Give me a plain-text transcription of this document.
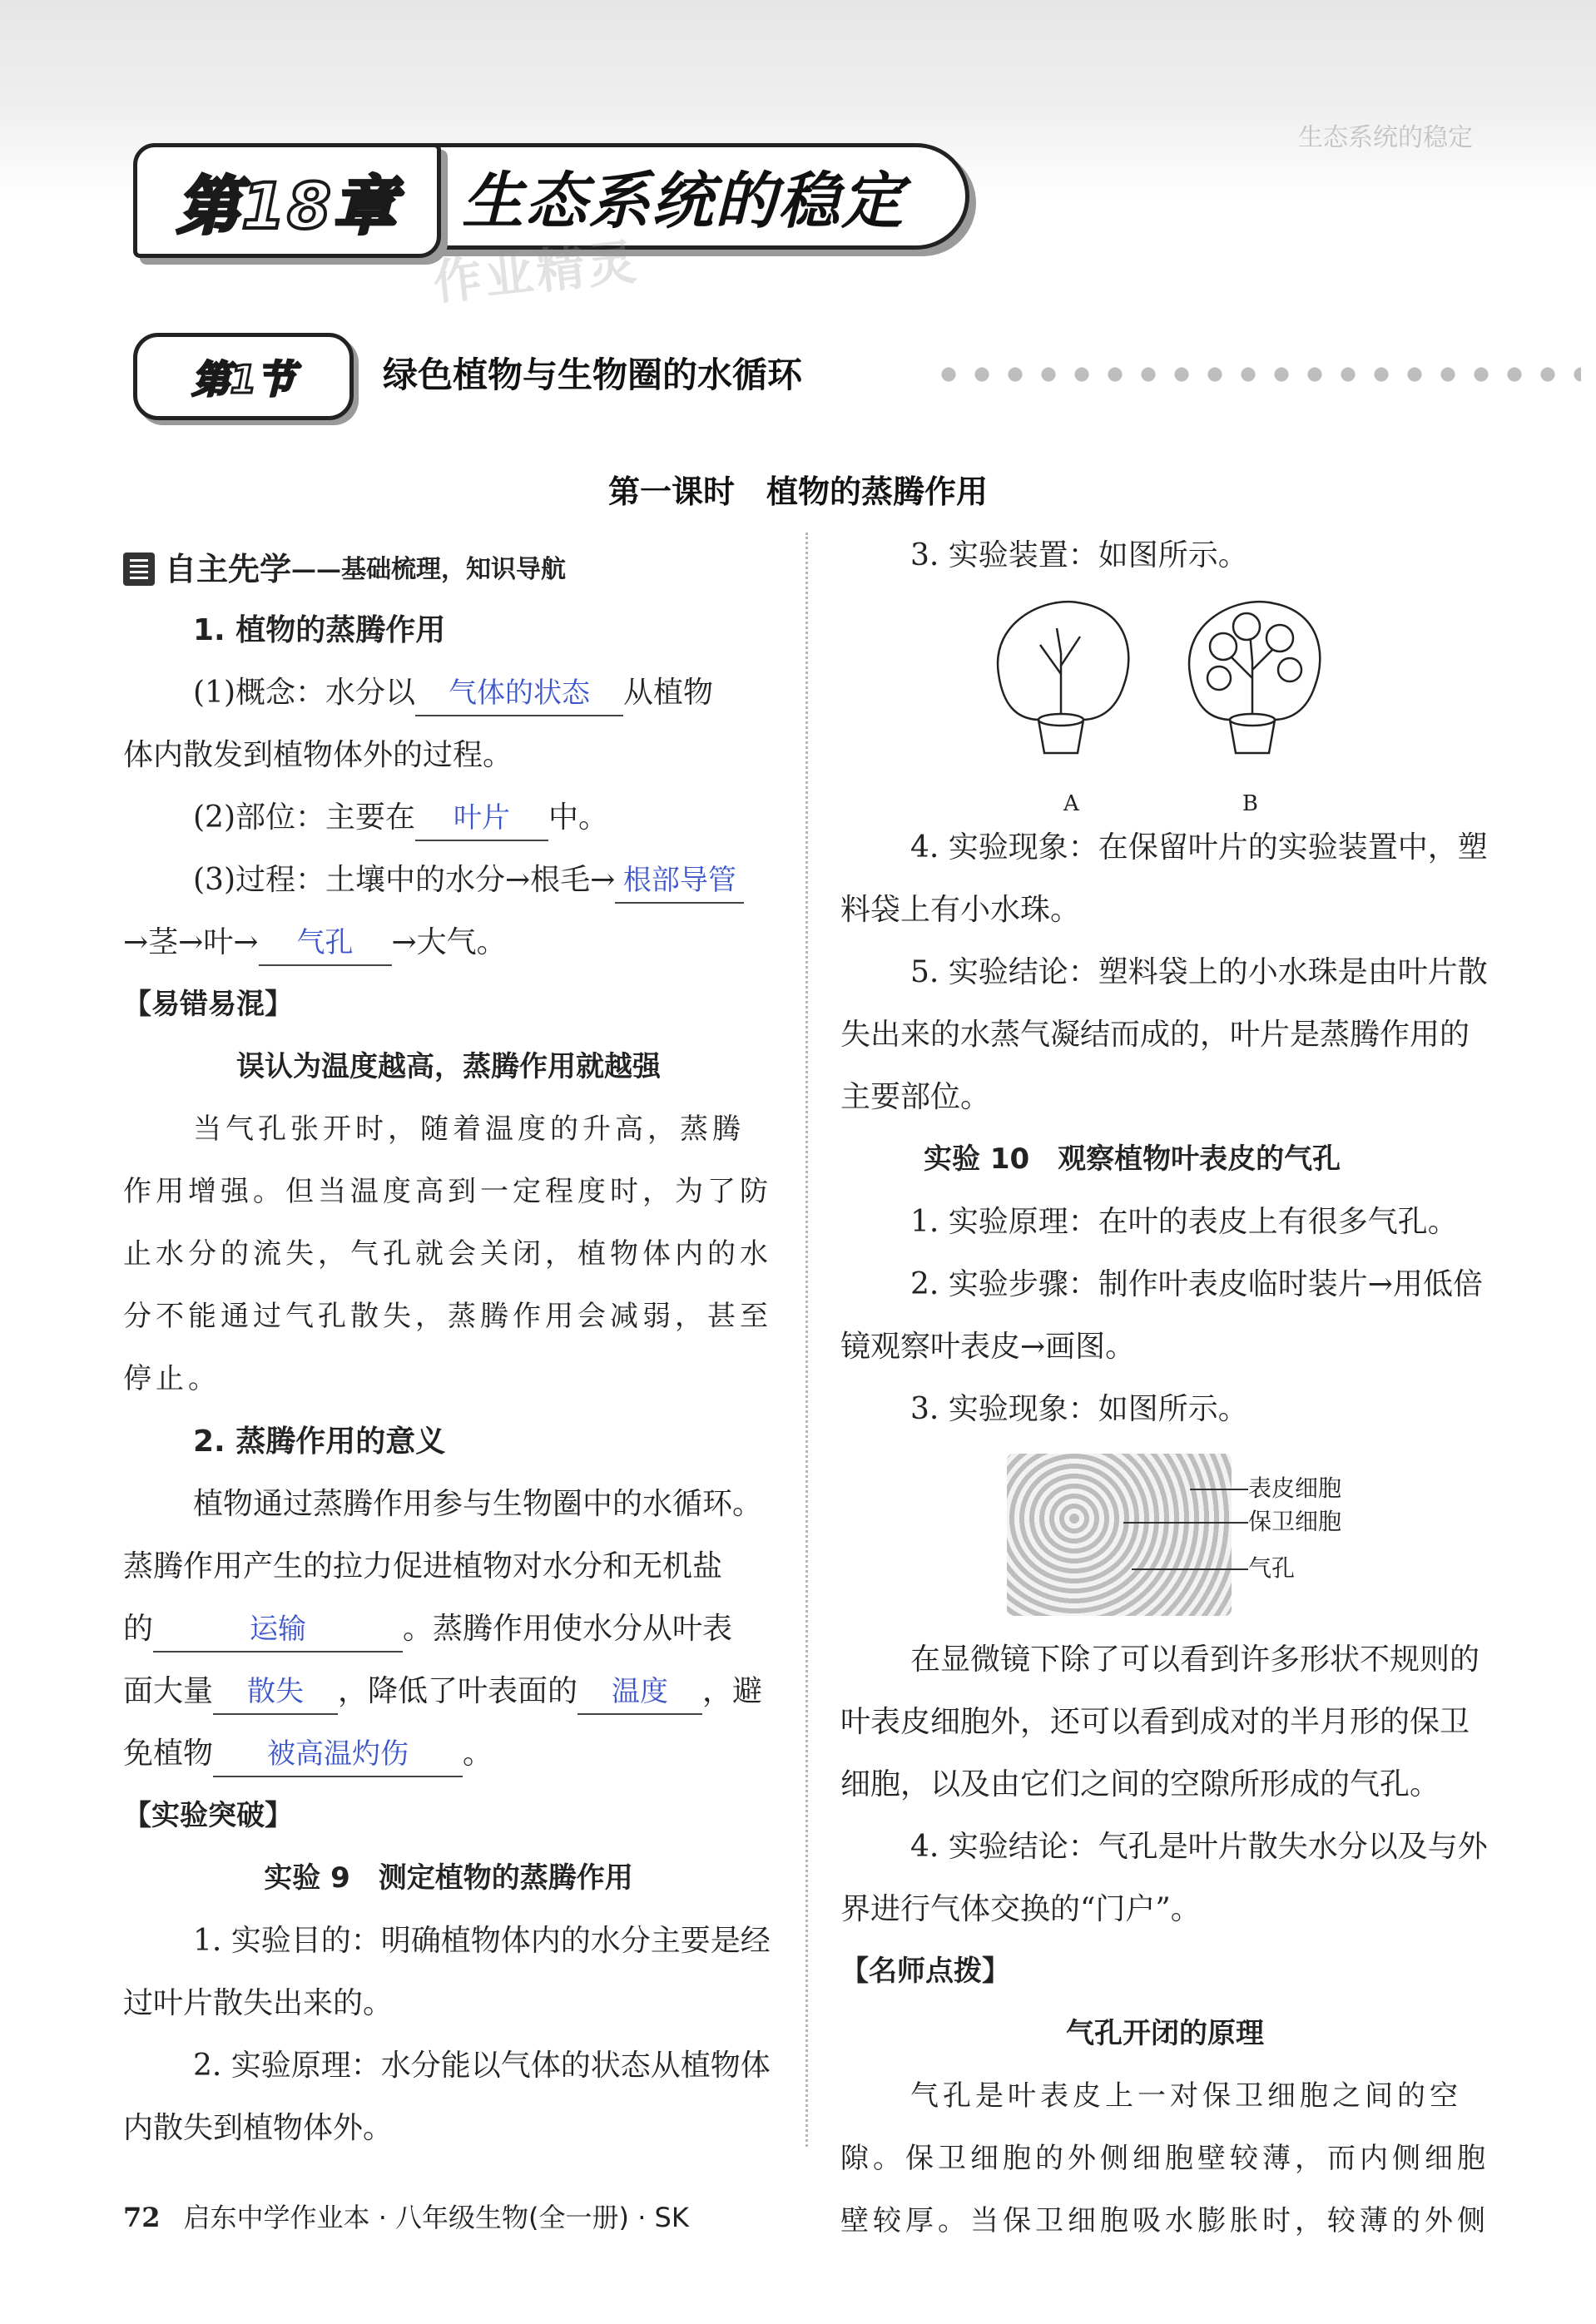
生态系统的稳定
生态系统的稳定
第18章
作业精灵
第1节	绿色植物与生物圈的水循环
第一课时　植物的蒸腾作用
自主先学 ——基础梳理，知识导航

1. 植物的蒸腾作用

(1)概念：水分以 气体的状态 从植物

体内散发到植物体外的过程。

(2)部位：主要在 叶片 中。

(3)过程：土壤中的水分→根毛→ 根部导管

→茎→叶→ 气孔 →大气。

【易错易混】

误认为温度越高，蒸腾作用就越强

当气孔张开时，随着温度的升高，蒸腾作用增强。但当温度高到一定程度时，为了防止水分的流失，气孔就会关闭，植物体内的水分不能通过气孔散失，蒸腾作用会减弱，甚至停止。

2. 蒸腾作用的意义

植物通过蒸腾作用参与生物圈中的水循环。蒸腾作用产生的拉力促进植物对水分和无机盐

的	运输	。蒸腾作用使水分从叶表

面大量 散失 ，降低了叶表面的 温度 ，避

免植物 被高温灼伤 。

【实验突破】

实验 9　测定植物的蒸腾作用

1. 实验目的：明确植物体内的水分主要是经过叶片散失出来的。

2. 实验原理：水分能以气体的状态从植物体内散失到植物体外。

3. 实验装置：如图所示。

A	B

4. 实验现象：在保留叶片的实验装置中，塑料袋上有小水珠。

5. 实验结论：塑料袋上的小水珠是由叶片散失出来的水蒸气凝结而成的，叶片是蒸腾作用的主要部位。

实验 10　观察植物叶表皮的气孔

1. 实验原理：在叶的表皮上有很多气孔。

2. 实验步骤：制作叶表皮临时装片→用低倍镜观察叶表皮→画图。

3. 实验现象：如图所示。

表皮细胞
保卫细胞
气孔

在显微镜下除了可以看到许多形状不规则的叶表皮细胞外，还可以看到成对的半月形的保卫细胞，以及由它们之间的空隙所形成的气孔。

4. 实验结论：气孔是叶片散失水分以及与外界进行气体交换的“门户”。

【名师点拨】

气孔开闭的原理

气孔是叶表皮上一对保卫细胞之间的空隙。保卫细胞的外侧细胞壁较薄，而内侧细胞壁较厚。当保卫细胞吸水膨胀时，较薄的外侧

72 启东中学作业本 · 八年级生物(全一册) · SK
